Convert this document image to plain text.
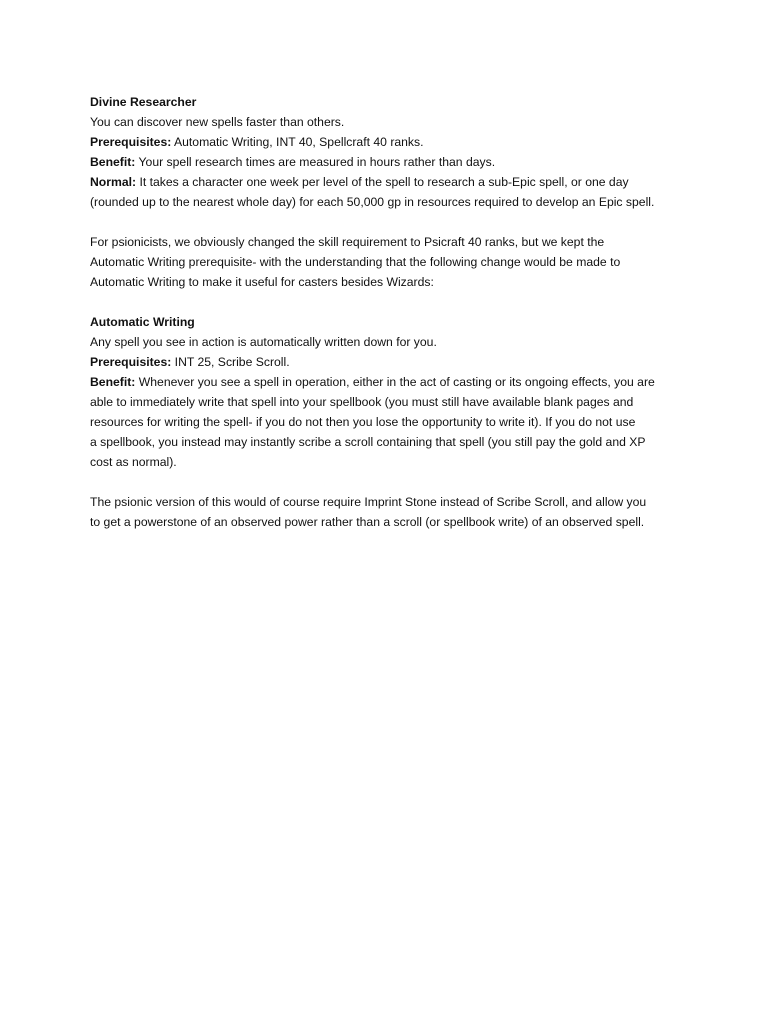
Divine Researcher
You can discover new spells faster than others.
Prerequisites: Automatic Writing, INT 40, Spellcraft 40 ranks.
Benefit: Your spell research times are measured in hours rather than days.
Normal: It takes a character one week per level of the spell to research a sub-Epic spell, or one day
(rounded up to the nearest whole day) for each 50,000 gp in resources required to develop an Epic spell.
For psionicists, we obviously changed the skill requirement to Psicraft 40 ranks, but we kept the
Automatic Writing prerequisite- with the understanding that the following change would be made to
Automatic Writing to make it useful for casters besides Wizards:
Automatic Writing
Any spell you see in action is automatically written down for you.
Prerequisites: INT 25, Scribe Scroll.
Benefit: Whenever you see a spell in operation, either in the act of casting or its ongoing effects, you are
able to immediately write that spell into your spellbook (you must still have available blank pages and
resources for writing the spell- if you do not then you lose the opportunity to write it). If you do not use
a spellbook, you instead may instantly scribe a scroll containing that spell (you still pay the gold and XP
cost as normal).
The psionic version of this would of course require Imprint Stone instead of Scribe Scroll, and allow you
to get a powerstone of an observed power rather than a scroll (or spellbook write) of an observed spell.
